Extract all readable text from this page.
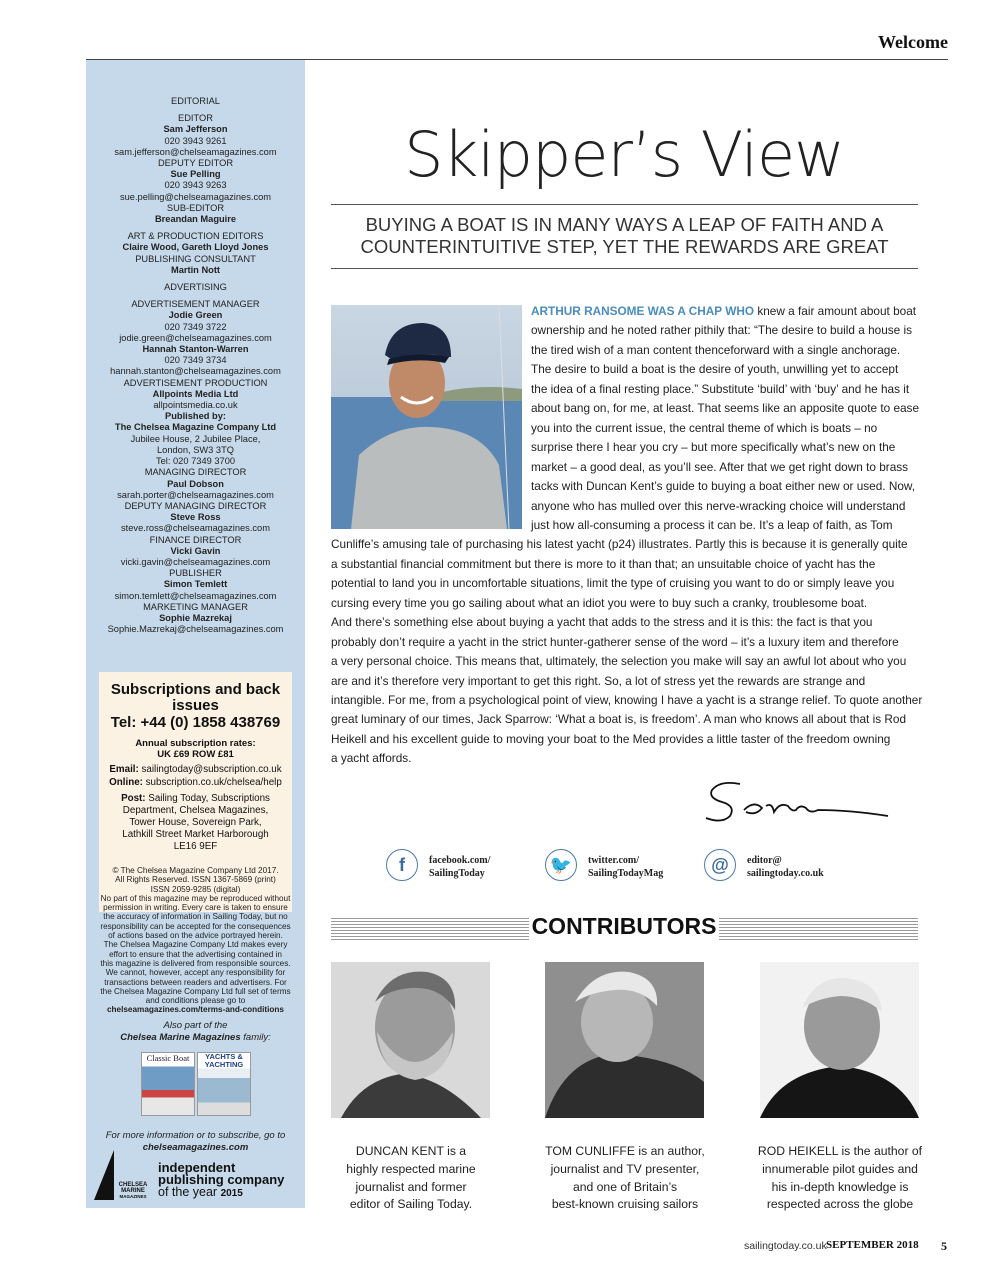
Welcome
EDITORIAL
EDITOR
Sam Jefferson
020 3943 9261
sam.jefferson@chelseamagazines.com
DEPUTY EDITOR
Sue Pelling
020 3943 9263
sue.pelling@chelseamagazines.com
SUB-EDITOR
Breandan Maguire
ART & PRODUCTION EDITORS
Claire Wood, Gareth Lloyd Jones
PUBLISHING CONSULTANT
Martin Nott
ADVERTISING
ADVERTISEMENT MANAGER
Jodie Green
020 7349 3722
jodie.green@chelseamagazines.com
Hannah Stanton-Warren
020 7349 3734
hannah.stanton@chelseamagazines.com
ADVERTISEMENT PRODUCTION
Allpoints Media Ltd
allpointsmedia.co.uk
Published by:
The Chelsea Magazine Company Ltd
Jubilee House, 2 Jubilee Place,
London, SW3 3TQ
Tel: 020 7349 3700
MANAGING DIRECTOR
Paul Dobson
sarah.porter@chelseamagazines.com
DEPUTY MANAGING DIRECTOR
Steve Ross
steve.ross@chelseamagazines.com
FINANCE DIRECTOR
Vicki Gavin
vicki.gavin@chelseamagazines.com
PUBLISHER
Simon Temlett
simon.temlett@chelseamagazines.com
MARKETING MANAGER
Sophie Mazrekaj
Sophie.Mazrekaj@chelseamagazines.com
Subscriptions and back issues
Tel: +44 (0) 1858 438769
Annual subscription rates:
UK £69 ROW £81
Email: sailingtoday@subscription.co.uk
Online: subscription.co.uk/chelsea/help
Post: Sailing Today, Subscriptions Department, Chelsea Magazines, Tower House, Sovereign Park, Lathkill Street Market Harborough LE16 9EF
© The Chelsea Magazine Company Ltd 2017.
All Rights Reserved. ISSN 1367-5869 (print)
ISSN 2059-9285 (digital)
No part of this magazine may be reproduced without
permission in writing. Every care is taken to ensure
the accuracy of information in Sailing Today, but no
responsibility can be accepted for the consequences
of actions based on the advice portrayed herein.
The Chelsea Magazine Company Ltd makes every
effort to ensure that the advertising contained in
this magazine is delivered from responsible sources.
We cannot, however, accept any responsibility for
transactions between readers and advertisers. For
the Chelsea Magazine Company Ltd full set of terms
and conditions please go to
chelseamagazines.com/terms-and-conditions
Also part of the
Chelsea Marine Magazines family:
Classic Boat	YACHTS & YACHTING
For more information or to subscribe, go to
chelseamagazines.com
CHELSEA
MARINE
MAGAZINES
independent
publishing company
of the year 2015
Skipper’s View
BUYING A BOAT IS IN MANY WAYS A LEAP OF FAITH AND A
COUNTERINTUITIVE STEP, YET THE REWARDS ARE GREAT
ARTHUR RANSOME WAS A CHAP WHO knew a fair amount about boat
ownership and he noted rather pithily that: “The desire to build a house is
the tired wish of a man content thenceforward with a single anchorage.
The desire to build a boat is the desire of youth, unwilling yet to accept
the idea of a final resting place.” Substitute ‘build’ with ‘buy’ and he has it
about bang on, for me, at least. That seems like an apposite quote to ease
you into the current issue, the central theme of which is boats – no
surprise there I hear you cry – but more specifically what’s new on the
market – a good deal, as you’ll see. After that we get right down to brass
tacks with Duncan Kent’s guide to buying a boat either new or used. Now,
anyone who has mulled over this nerve-wracking choice will understand
just how all-consuming a process it can be. It’s a leap of faith, as Tom
Cunliffe’s amusing tale of purchasing his latest yacht (p24) illustrates. Partly this is because it is generally quite
a substantial financial commitment but there is more to it than that; an unsuitable choice of yacht has the
potential to land you in uncomfortable situations, limit the type of cruising you want to do or simply leave you
cursing every time you go sailing about what an idiot you were to buy such a cranky, troublesome boat.
And there’s something else about buying a yacht that adds to the stress and it is this: the fact is that you
probably don’t require a yacht in the strict hunter-gatherer sense of the word – it’s a luxury item and therefore
a very personal choice. This means that, ultimately, the selection you make will say an awful lot about who you
are and it’s therefore very important to get this right. So, a lot of stress yet the rewards are strange and
intangible. For me, from a psychological point of view, knowing I have a yacht is a strange relief. To quote another
great luminary of our times, Jack Sparrow: ‘What a boat is, is freedom’. A man who knows all about that is Rod
Heikell and his excellent guide to moving your boat to the Med provides a little taster of the freedom owning
a yacht affords.
f	facebook.com/
SailingToday	🐦	twitter.com/
SailingTodayMag	@	editor@
sailingtoday.co.uk
CONTRIBUTORS
DUNCAN KENT is a
highly respected marine
journalist and former
editor of Sailing Today.
TOM CUNLIFFE is an author,
journalist and TV presenter,
and one of Britain’s
best-known cruising sailors
ROD HEIKELL is the author of
innumerable pilot guides and
his in-depth knowledge is
respected across the globe
sailingtoday.co.uk SEPTEMBER 2018 5
